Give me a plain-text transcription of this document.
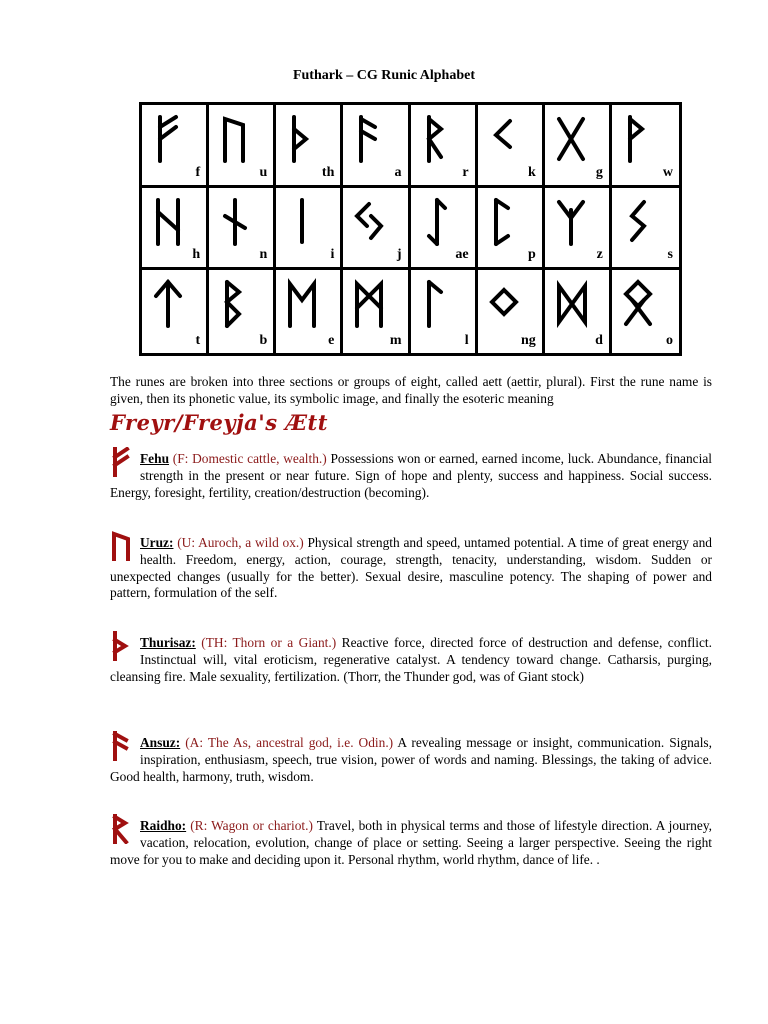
Futhark – CG Runic Alphabet
f	u	th	a	r	k	g	w
h	n	i	j	ae	p	z	s
t	b	e	m	l	ng	d	o
The runes are broken into three sections or groups of eight, called aett (aettir, plural). First the rune name is given, then its phonetic value, its symbolic image, and finally the esoteric meaning
Freyr/Freyja's Ætt
Fehu (F: Domestic cattle, wealth.) Possessions won or earned, earned income, luck. Abundance, financial strength in the present or near future. Sign of hope and plenty, success and happiness. Social success. Energy, foresight, fertility, creation/destruction (becoming).
Uruz: (U: Auroch, a wild ox.) Physical strength and speed, untamed potential. A time of great energy and health. Freedom, energy, action, courage, strength, tenacity, understanding, wisdom. Sudden or unexpected changes (usually for the better). Sexual desire, masculine potency. The shaping of power and pattern, formulation of the self.
Thurisaz: (TH: Thorn or a Giant.) Reactive force, directed force of destruction and defense, conflict. Instinctual will, vital eroticism, regenerative catalyst. A tendency toward change. Catharsis, purging, cleansing fire. Male sexuality, fertilization. (Thorr, the Thunder god, was of Giant stock)
Ansuz: (A: The As, ancestral god, i.e. Odin.) A revealing message or insight, communication. Signals, inspiration, enthusiasm, speech, true vision, power of words and naming. Blessings, the taking of advice. Good health, harmony, truth, wisdom.
Raidho: (R: Wagon or chariot.) Travel, both in physical terms and those of lifestyle direction. A journey, vacation, relocation, evolution, change of place or setting. Seeing a larger perspective. Seeing the right move for you to make and deciding upon it. Personal rhythm, world rhythm, dance of life. .
